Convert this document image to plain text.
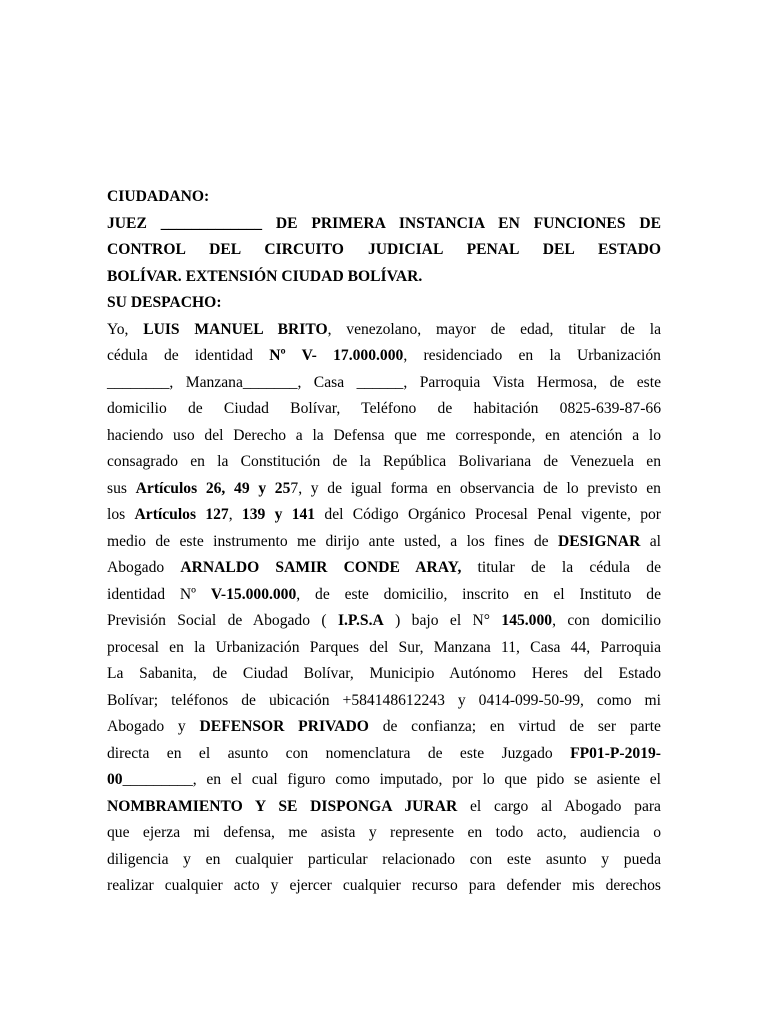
CIUDADANO:

JUEZ _____________ DE PRIMERA INSTANCIA EN FUNCIONES DE

CONTROL DEL CIRCUITO JUDICIAL PENAL DEL ESTADO

BOLÍVAR. EXTENSIÓN CIUDAD BOLÍVAR.

SU DESPACHO:

Yo, LUIS MANUEL BRITO, venezolano, mayor de edad, titular de la
cédula de identidad Nº V- 17.000.000, residenciado en la Urbanización
________, Manzana_______, Casa ______, Parroquia Vista Hermosa, de este
domicilio de Ciudad Bolívar, Teléfono de habitación 0825-639-87-66
haciendo uso del Derecho a la Defensa que me corresponde, en atención a lo
consagrado en la Constitución de la República Bolivariana de Venezuela en
sus Artículos 26, 49 y 257, y de igual forma en observancia de lo previsto en
los Artículos 127, 139 y 141 del Código Orgánico Procesal Penal vigente, por
medio de este instrumento me dirijo ante usted, a los fines de DESIGNAR al
Abogado ARNALDO SAMIR CONDE ARAY, titular de la cédula de
identidad Nº V-15.000.000, de este domicilio, inscrito en el Instituto de
Previsión Social de Abogado ( I.P.S.A ) bajo el N° 145.000, con domicilio
procesal en la Urbanización Parques del Sur, Manzana 11, Casa 44, Parroquia
La Sabanita, de Ciudad Bolívar, Municipio Autónomo Heres del Estado
Bolívar; teléfonos de ubicación +584148612243 y 0414-099-50-99, como mi
Abogado y DEFENSOR PRIVADO de confianza; en virtud de ser parte
directa en el asunto con nomenclatura de este Juzgado FP01-P-2019-
00_________, en el cual figuro como imputado, por lo que pido se asiente el
NOMBRAMIENTO Y SE DISPONGA JURAR el cargo al Abogado para
que ejerza mi defensa, me asista y represente en todo acto, audiencia o
diligencia y en cualquier particular relacionado con este asunto y pueda
realizar cualquier acto y ejercer cualquier recurso para defender mis derechos
